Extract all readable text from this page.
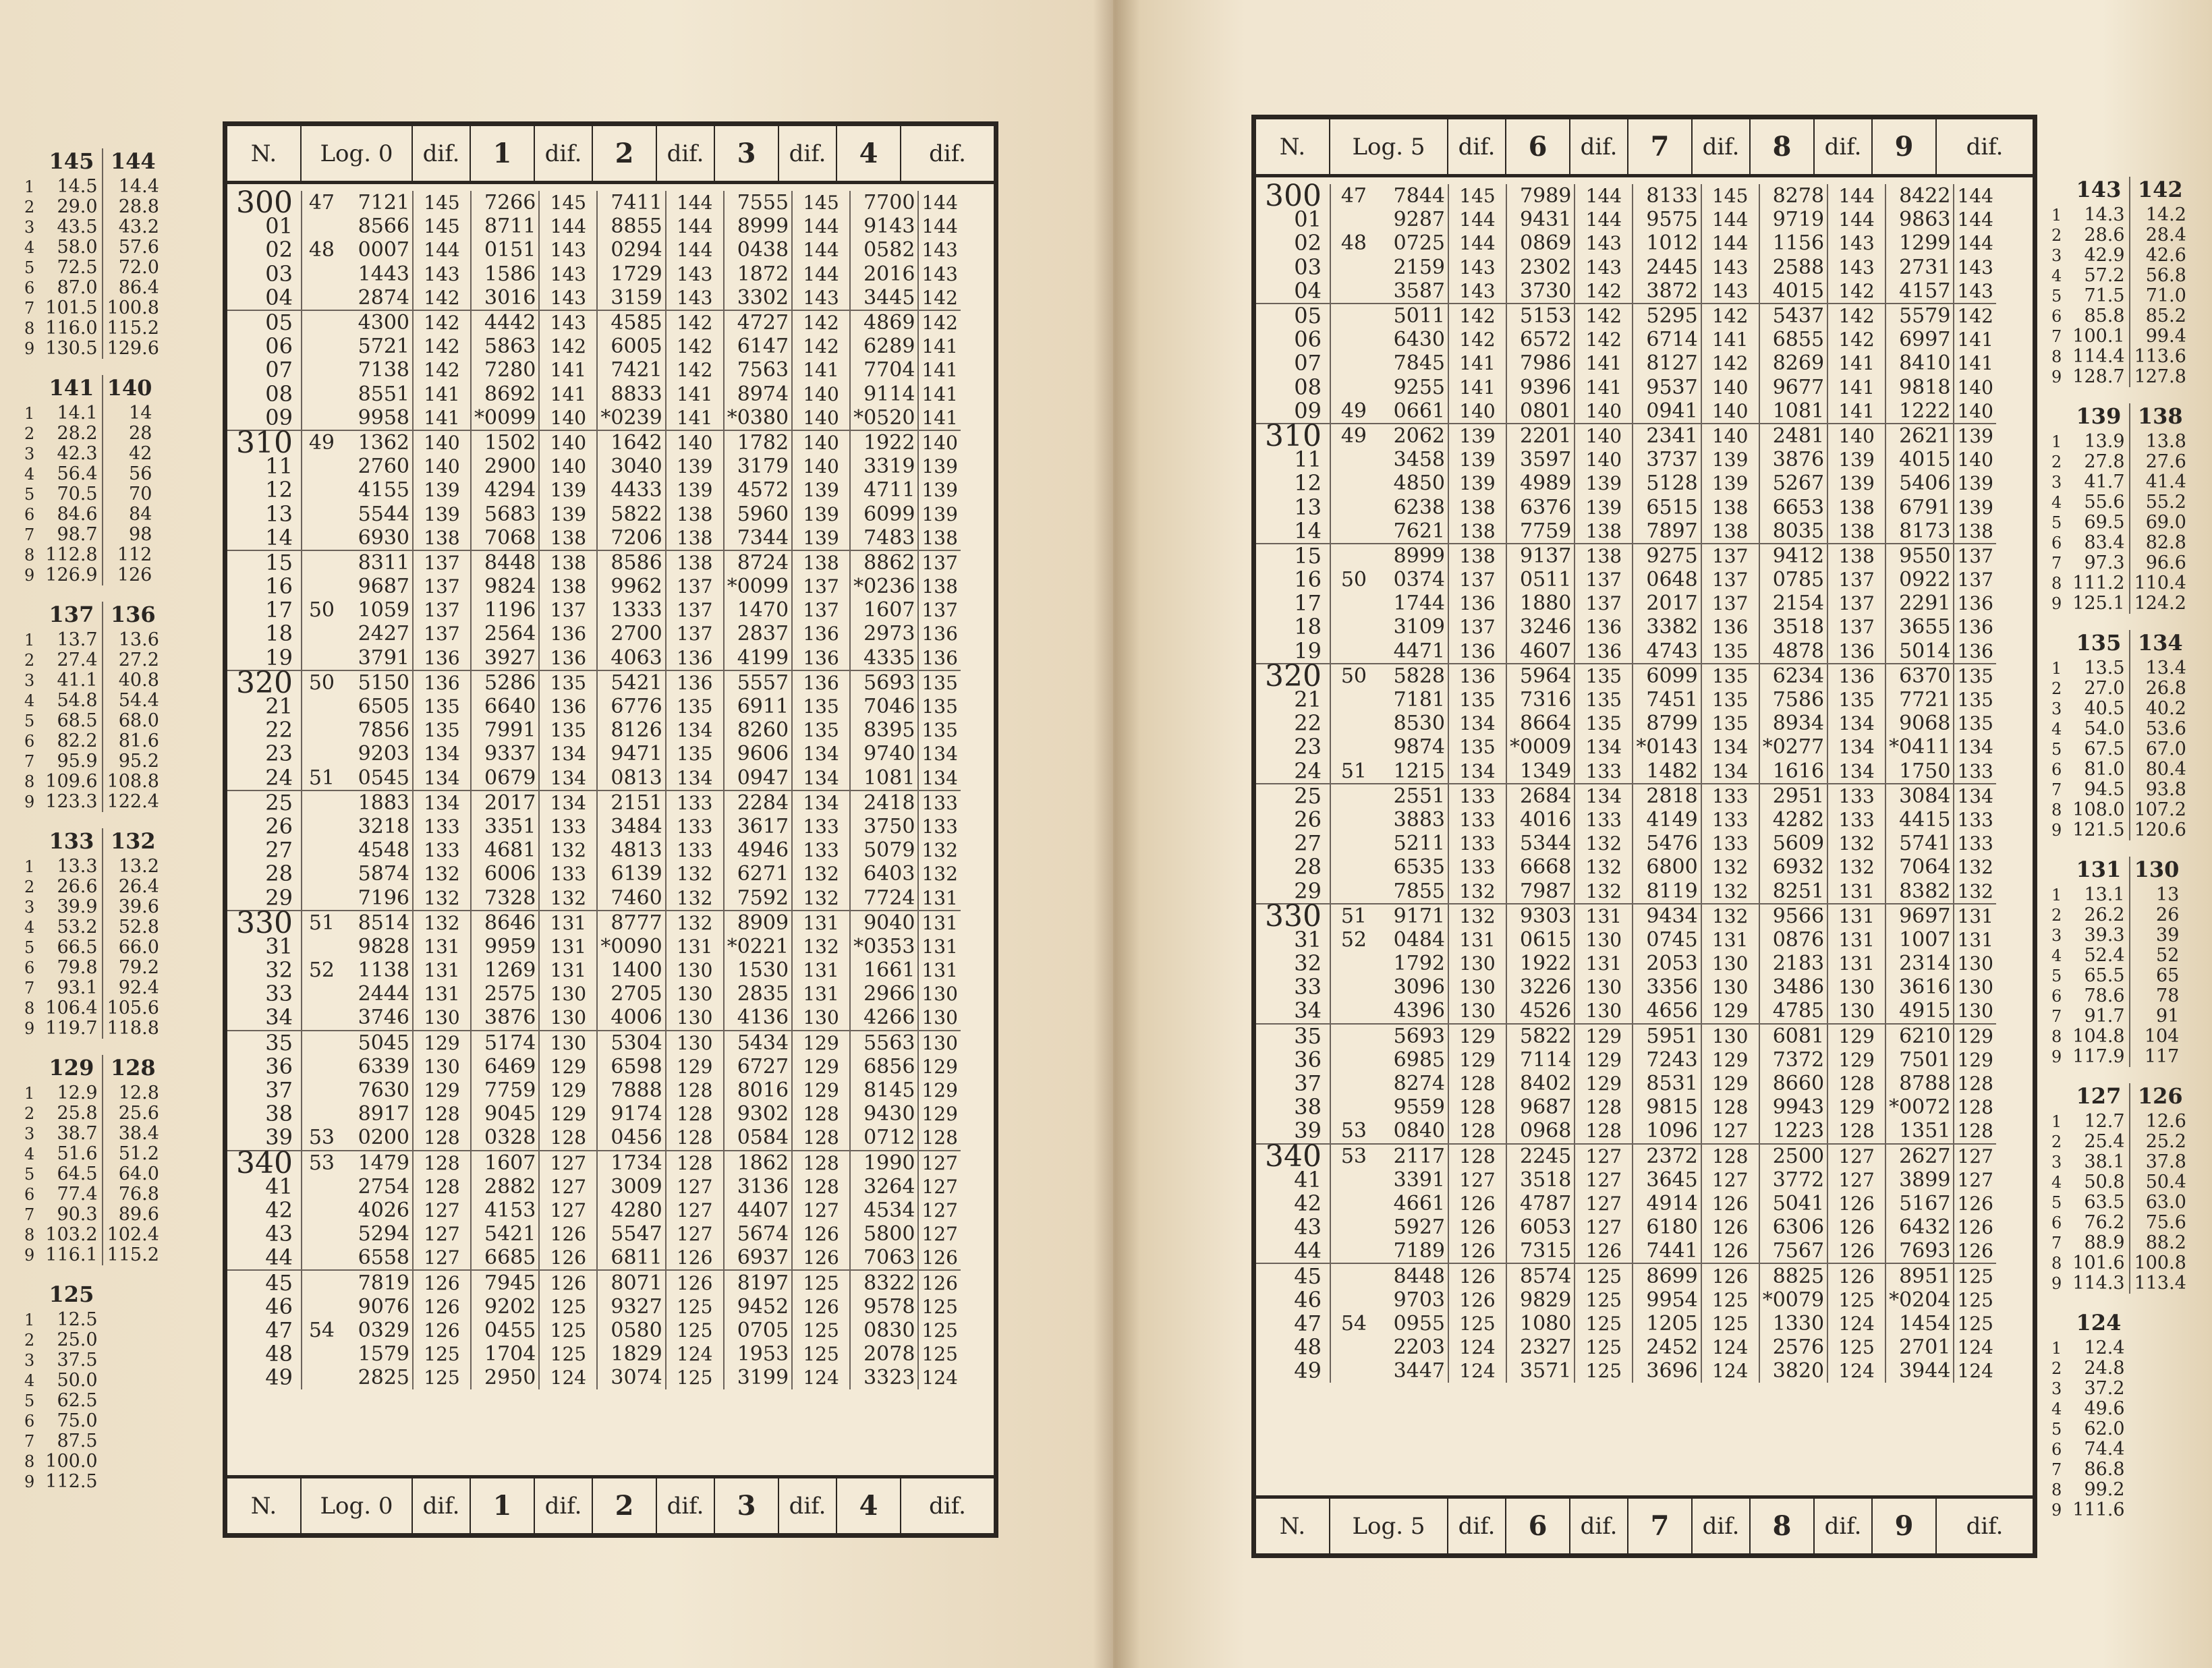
	145	144
1	14.5	14.4
2	29.0	28.8
3	43.5	43.2
4	58.0	57.6
5	72.5	72.0
6	87.0	86.4
7	101.5	100.8
8	116.0	115.2
9	130.5	129.6
	141	140
1	14.1	14
2	28.2	28
3	42.3	42
4	56.4	56
5	70.5	70
6	84.6	84
7	98.7	98
8	112.8	112
9	126.9	126
	137	136
1	13.7	13.6
2	27.4	27.2
3	41.1	40.8
4	54.8	54.4
5	68.5	68.0
6	82.2	81.6
7	95.9	95.2
8	109.6	108.8
9	123.3	122.4
	133	132
1	13.3	13.2
2	26.6	26.4
3	39.9	39.6
4	53.2	52.8
5	66.5	66.0
6	79.8	79.2
7	93.1	92.4
8	106.4	105.6
9	119.7	118.8
	129	128
1	12.9	12.8
2	25.8	25.6
3	38.7	38.4
4	51.6	51.2
5	64.5	64.0
6	77.4	76.8
7	90.3	89.6
8	103.2	102.4
9	116.1	115.2
	125
1	12.5
2	25.0
3	37.5
4	50.0
5	62.5
6	75.0
7	87.5
8	100.0
9	112.5
N.	Log. 0	dif.	1	dif.	2	dif.	3	dif.	4	dif.
300	47	7121	145	7266	145	7411	144	7555	145	7700	144
01		8566	145	8711	144	8855	144	8999	144	9143	144
02	48	0007	144	0151	143	0294	144	0438	144	0582	143
03		1443	143	1586	143	1729	143	1872	144	2016	143
04		2874	142	3016	143	3159	143	3302	143	3445	142
05		4300	142	4442	143	4585	142	4727	142	4869	142
06		5721	142	5863	142	6005	142	6147	142	6289	141
07		7138	142	7280	141	7421	142	7563	141	7704	141
08		8551	141	8692	141	8833	141	8974	140	9114	141
09		9958	141	*0099	140	*0239	141	*0380	140	*0520	141
310	49	1362	140	1502	140	1642	140	1782	140	1922	140
11		2760	140	2900	140	3040	139	3179	140	3319	139
12		4155	139	4294	139	4433	139	4572	139	4711	139
13		5544	139	5683	139	5822	138	5960	139	6099	139
14		6930	138	7068	138	7206	138	7344	139	7483	138
15		8311	137	8448	138	8586	138	8724	138	8862	137
16		9687	137	9824	138	9962	137	*0099	137	*0236	138
17	50	1059	137	1196	137	1333	137	1470	137	1607	137
18		2427	137	2564	136	2700	137	2837	136	2973	136
19		3791	136	3927	136	4063	136	4199	136	4335	136
320	50	5150	136	5286	135	5421	136	5557	136	5693	135
21		6505	135	6640	136	6776	135	6911	135	7046	135
22		7856	135	7991	135	8126	134	8260	135	8395	135
23		9203	134	9337	134	9471	135	9606	134	9740	134
24	51	0545	134	0679	134	0813	134	0947	134	1081	134
25		1883	134	2017	134	2151	133	2284	134	2418	133
26		3218	133	3351	133	3484	133	3617	133	3750	133
27		4548	133	4681	132	4813	133	4946	133	5079	132
28		5874	132	6006	133	6139	132	6271	132	6403	132
29		7196	132	7328	132	7460	132	7592	132	7724	131
330	51	8514	132	8646	131	8777	132	8909	131	9040	131
31		9828	131	9959	131	*0090	131	*0221	132	*0353	131
32	52	1138	131	1269	131	1400	130	1530	131	1661	131
33		2444	131	2575	130	2705	130	2835	131	2966	130
34		3746	130	3876	130	4006	130	4136	130	4266	130
35		5045	129	5174	130	5304	130	5434	129	5563	130
36		6339	130	6469	129	6598	129	6727	129	6856	129
37		7630	129	7759	129	7888	128	8016	129	8145	129
38		8917	128	9045	129	9174	128	9302	128	9430	129
39	53	0200	128	0328	128	0456	128	0584	128	0712	128
340	53	1479	128	1607	127	1734	128	1862	128	1990	127
41		2754	128	2882	127	3009	127	3136	128	3264	127
42		4026	127	4153	127	4280	127	4407	127	4534	127
43		5294	127	5421	126	5547	127	5674	126	5800	127
44		6558	127	6685	126	6811	126	6937	126	7063	126
45		7819	126	7945	126	8071	126	8197	125	8322	126
46		9076	126	9202	125	9327	125	9452	126	9578	125
47	54	0329	126	0455	125	0580	125	0705	125	0830	125
48		1579	125	1704	125	1829	124	1953	125	2078	125
49		2825	125	2950	124	3074	125	3199	124	3323	124
N.	Log. 0	dif.	1	dif.	2	dif.	3	dif.	4	dif.
N.	Log. 5	dif.	6	dif.	7	dif.	8	dif.	9	dif.
300	47	7844	145	7989	144	8133	145	8278	144	8422	144
01		9287	144	9431	144	9575	144	9719	144	9863	144
02	48	0725	144	0869	143	1012	144	1156	143	1299	144
03		2159	143	2302	143	2445	143	2588	143	2731	143
04		3587	143	3730	142	3872	143	4015	142	4157	143
05		5011	142	5153	142	5295	142	5437	142	5579	142
06		6430	142	6572	142	6714	141	6855	142	6997	141
07		7845	141	7986	141	8127	142	8269	141	8410	141
08		9255	141	9396	141	9537	140	9677	141	9818	140
09	49	0661	140	0801	140	0941	140	1081	141	1222	140
310	49	2062	139	2201	140	2341	140	2481	140	2621	139
11		3458	139	3597	140	3737	139	3876	139	4015	140
12		4850	139	4989	139	5128	139	5267	139	5406	139
13		6238	138	6376	139	6515	138	6653	138	6791	139
14		7621	138	7759	138	7897	138	8035	138	8173	138
15		8999	138	9137	138	9275	137	9412	138	9550	137
16	50	0374	137	0511	137	0648	137	0785	137	0922	137
17		1744	136	1880	137	2017	137	2154	137	2291	136
18		3109	137	3246	136	3382	136	3518	137	3655	136
19		4471	136	4607	136	4743	135	4878	136	5014	136
320	50	5828	136	5964	135	6099	135	6234	136	6370	135
21		7181	135	7316	135	7451	135	7586	135	7721	135
22		8530	134	8664	135	8799	135	8934	134	9068	135
23		9874	135	*0009	134	*0143	134	*0277	134	*0411	134
24	51	1215	134	1349	133	1482	134	1616	134	1750	133
25		2551	133	2684	134	2818	133	2951	133	3084	134
26		3883	133	4016	133	4149	133	4282	133	4415	133
27		5211	133	5344	132	5476	133	5609	132	5741	133
28		6535	133	6668	132	6800	132	6932	132	7064	132
29		7855	132	7987	132	8119	132	8251	131	8382	132
330	51	9171	132	9303	131	9434	132	9566	131	9697	131
31	52	0484	131	0615	130	0745	131	0876	131	1007	131
32		1792	130	1922	131	2053	130	2183	131	2314	130
33		3096	130	3226	130	3356	130	3486	130	3616	130
34		4396	130	4526	130	4656	129	4785	130	4915	130
35		5693	129	5822	129	5951	130	6081	129	6210	129
36		6985	129	7114	129	7243	129	7372	129	7501	129
37		8274	128	8402	129	8531	129	8660	128	8788	128
38		9559	128	9687	128	9815	128	9943	129	*0072	128
39	53	0840	128	0968	128	1096	127	1223	128	1351	128
340	53	2117	128	2245	127	2372	128	2500	127	2627	127
41		3391	127	3518	127	3645	127	3772	127	3899	127
42		4661	126	4787	127	4914	126	5041	126	5167	126
43		5927	126	6053	127	6180	126	6306	126	6432	126
44		7189	126	7315	126	7441	126	7567	126	7693	126
45		8448	126	8574	125	8699	126	8825	126	8951	125
46		9703	126	9829	125	9954	125	*0079	125	*0204	125
47	54	0955	125	1080	125	1205	125	1330	124	1454	125
48		2203	124	2327	125	2452	124	2576	125	2701	124
49		3447	124	3571	125	3696	124	3820	124	3944	124
N.	Log. 5	dif.	6	dif.	7	dif.	8	dif.	9	dif.
	143	142
1	14.3	14.2
2	28.6	28.4
3	42.9	42.6
4	57.2	56.8
5	71.5	71.0
6	85.8	85.2
7	100.1	99.4
8	114.4	113.6
9	128.7	127.8
	139	138
1	13.9	13.8
2	27.8	27.6
3	41.7	41.4
4	55.6	55.2
5	69.5	69.0
6	83.4	82.8
7	97.3	96.6
8	111.2	110.4
9	125.1	124.2
	135	134
1	13.5	13.4
2	27.0	26.8
3	40.5	40.2
4	54.0	53.6
5	67.5	67.0
6	81.0	80.4
7	94.5	93.8
8	108.0	107.2
9	121.5	120.6
	131	130
1	13.1	13
2	26.2	26
3	39.3	39
4	52.4	52
5	65.5	65
6	78.6	78
7	91.7	91
8	104.8	104
9	117.9	117
	127	126
1	12.7	12.6
2	25.4	25.2
3	38.1	37.8
4	50.8	50.4
5	63.5	63.0
6	76.2	75.6
7	88.9	88.2
8	101.6	100.8
9	114.3	113.4
	124
1	12.4
2	24.8
3	37.2
4	49.6
5	62.0
6	74.4
7	86.8
8	99.2
9	111.6
